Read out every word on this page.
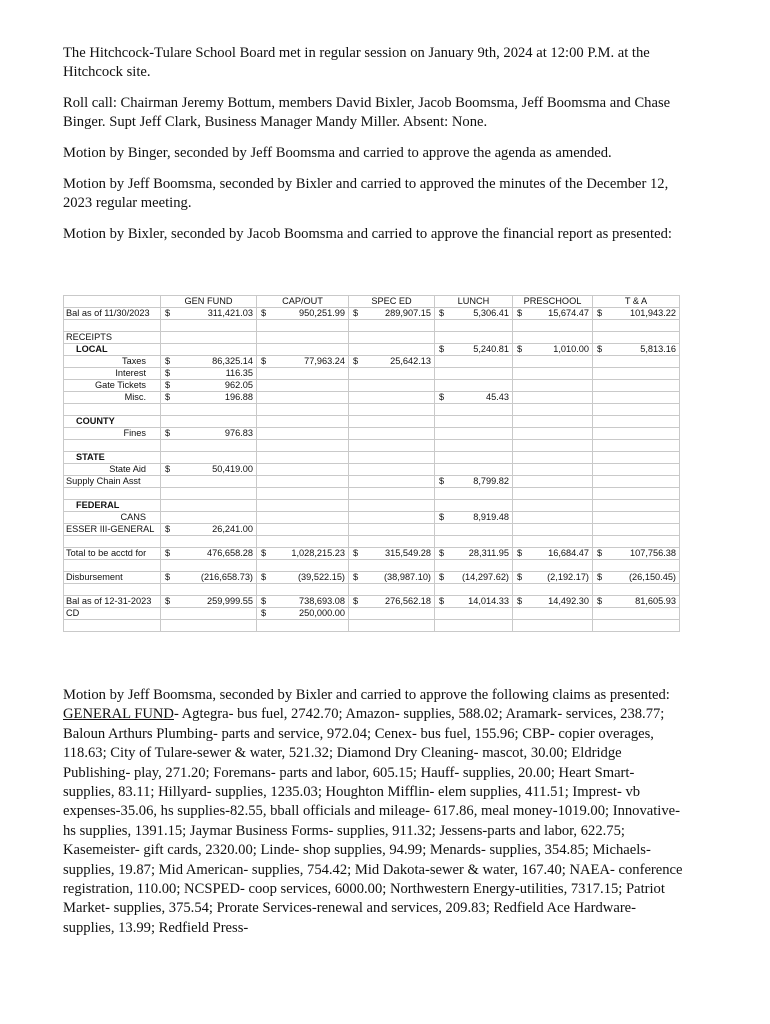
The Hitchcock-Tulare School Board met in regular session on January 9th, 2024 at 12:00 P.M. at the Hitchcock site.

Roll call: Chairman Jeremy Bottum, members David Bixler, Jacob Boomsma, Jeff Boomsma and Chase Binger. Supt Jeff Clark, Business Manager Mandy Miller. Absent: None.

Motion by Binger, seconded by Jeff Boomsma and carried to approve the agenda as amended.

Motion by Jeff Boomsma, seconded by Bixler and carried to approved the minutes of the December 12, 2023 regular meeting.

Motion by Bixler, seconded by Jacob Boomsma and carried to approve the financial report as presented:

	GEN FUND	CAP/OUT	SPEC ED	LUNCH	PRESCHOOL	T & A
Bal as of 11/30/2023	$ 311,421.03	$ 950,251.99	$ 289,907.15	$ 5,306.41	$ 15,674.47	$ 101,943.22

RECEIPTS	

LOCAL				$ 5,240.81	$ 1,010.00	$ 5,813.16

Taxes	$ 86,325.14	$ 77,963.24	$ 25,642.13			

Interest	$ 116.35					

Gate Tickets	$ 962.05					

Misc.	$ 196.88			$ 45.43		

COUNTY	

Fines	$ 976.83					

STATE	

State Aid	$ 50,419.00					

Supply Chain Asst				$ 8,799.82		

FEDERAL	

CANS				$ 8,919.48		

ESSER III-GENERAL	$ 26,241.00					

Total to be acctd for	$ 476,658.28	$ 1,028,215.23	$ 315,549.28	$ 28,311.95	$ 16,684.47	$ 107,756.38

Disbursement	$ (216,658.73)	$ (39,522.15)	$ (38,987.10)	$ (14,297.62)	$ (2,192.17)	$ (26,150.45)

Bal as of 12-31-2023	$ 259,999.55	$ 738,693.08	$ 276,562.18	$ 14,014.33	$ 14,492.30	$ 81,605.93

CD		$ 250,000.00				

Motion by Jeff Boomsma, seconded by Bixler and carried to approve the following claims as presented: GENERAL FUND- Agtegra- bus fuel, 2742.70; Amazon- supplies, 588.02; Aramark- services, 238.77; Baloun Arthurs Plumbing- parts and service, 972.04; Cenex- bus fuel, 155.96; CBP- copier overages, 118.63; City of Tulare-sewer & water, 521.32; Diamond Dry Cleaning- mascot, 30.00; Eldridge Publishing- play, 271.20; Foremans- parts and labor, 605.15; Hauff- supplies, 20.00; Heart Smart- supplies, 83.11; Hillyard- supplies, 1235.03; Houghton Mifflin- elem supplies, 411.51; Imprest- vb expenses-35.06, hs supplies-82.55, bball officials and mileage- 617.86, meal money-1019.00; Innovative-hs supplies, 1391.15; Jaymar Business Forms- supplies, 911.32; Jessens-parts and labor, 622.75; Kasemeister- gift cards, 2320.00; Linde- shop supplies, 94.99; Menards- supplies, 354.85; Michaels-supplies, 19.87; Mid American- supplies, 754.42; Mid Dakota-sewer & water, 167.40; NAEA- conference registration, 110.00; NCSPED- coop services, 6000.00; Northwestern Energy-utilities, 7317.15; Patriot Market- supplies, 375.54; Prorate Services-renewal and services, 209.83; Redfield Ace Hardware- supplies, 13.99; Redfield Press-
